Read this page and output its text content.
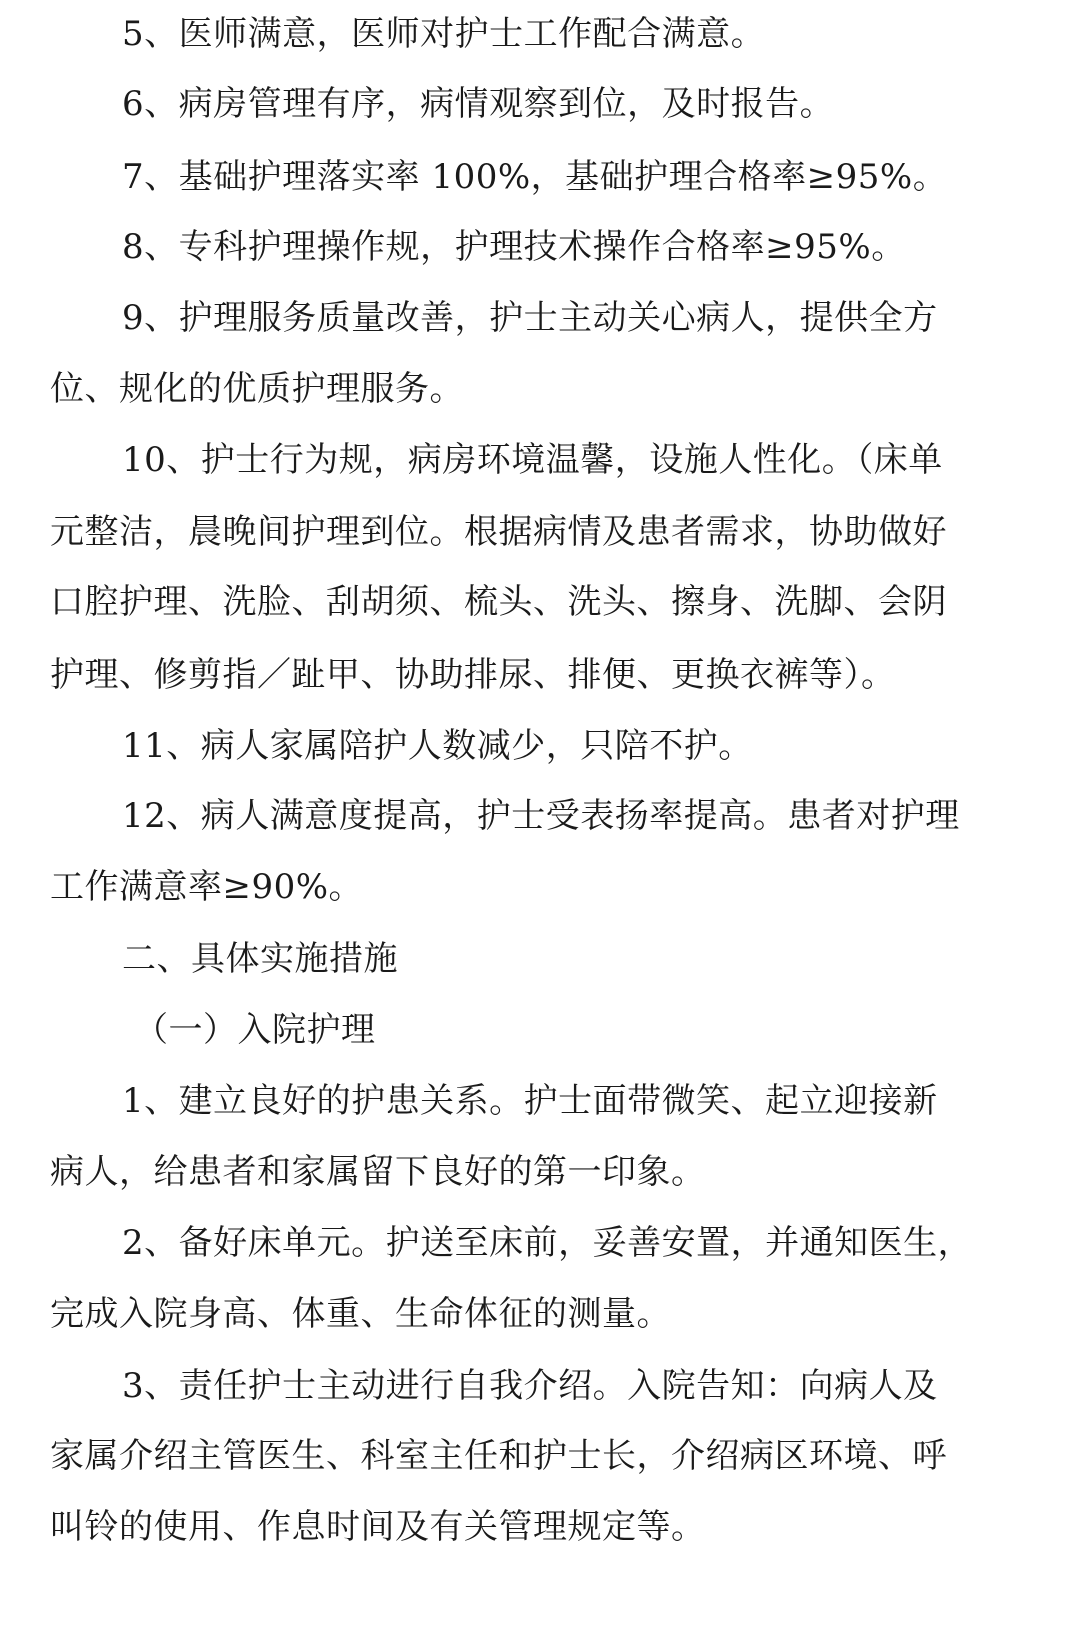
5、医师满意，医师对护士工作配合满意。
6、病房管理有序，病情观察到位，及时报告。
7、基础护理落实率 100%，基础护理合格率≥95%。
8、专科护理操作规，护理技术操作合格率≥95%。
9、护理服务质量改善，护士主动关心病人，提供全方
位、规化的优质护理服务。
10、护士行为规，病房环境温馨，设施人性化。（床单
元整洁，晨晚间护理到位。根据病情及患者需求，协助做好
口腔护理、洗脸、刮胡须、梳头、洗头、擦身、洗脚、会阴
护理、修剪指／趾甲、协助排尿、排便、更换衣裤等）。
11、病人家属陪护人数减少，只陪不护。
12、病人满意度提高，护士受表扬率提高。患者对护理
工作满意率≥90%。
二、具体实施措施
（一）入院护理
1、建立良好的护患关系。护士面带微笑、起立迎接新
病人，给患者和家属留下良好的第一印象。
2、备好床单元。护送至床前，妥善安置，并通知医生，
完成入院身高、体重、生命体征的测量。
3、责任护士主动进行自我介绍。入院告知：向病人及
家属介绍主管医生、科室主任和护士长，介绍病区环境、呼
叫铃的使用、作息时间及有关管理规定等。
